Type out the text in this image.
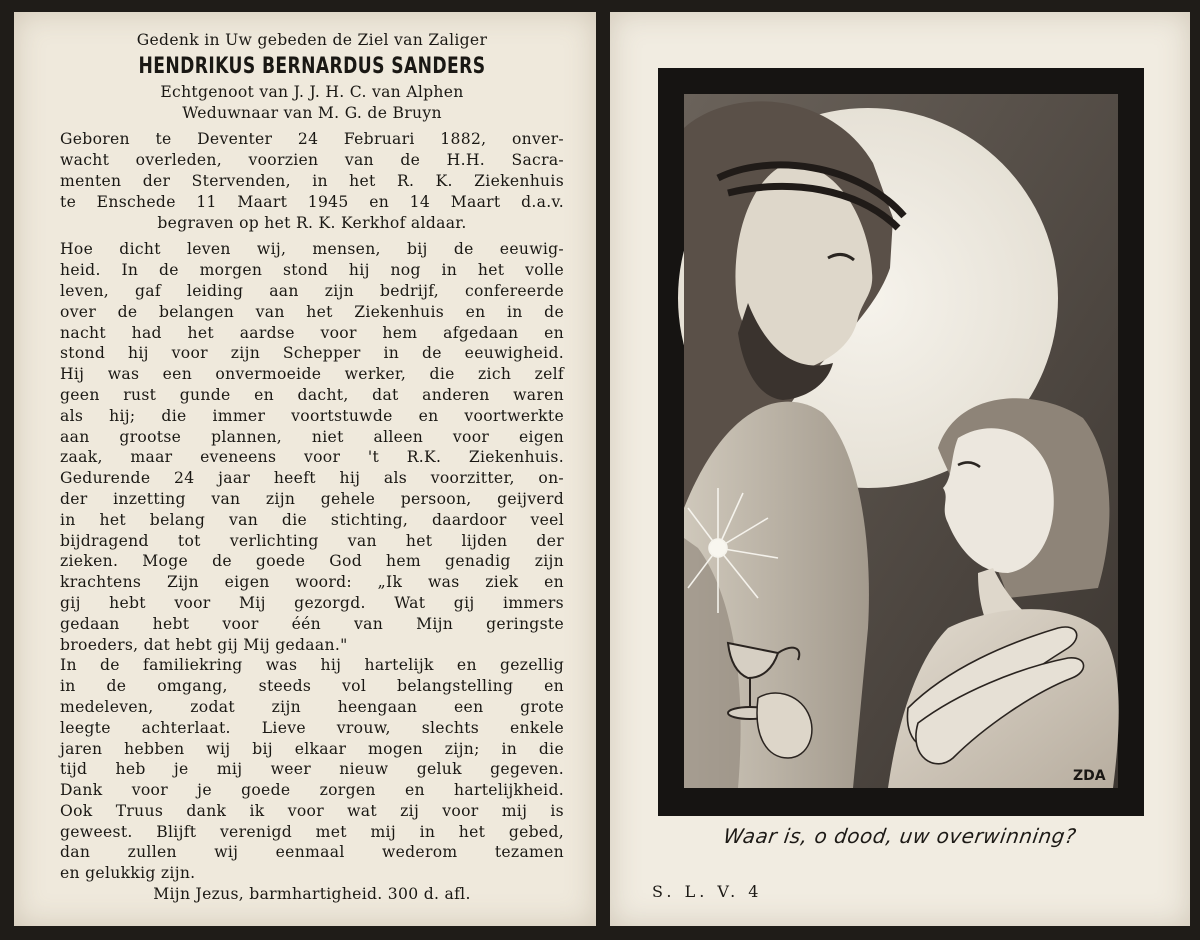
Gedenk in Uw gebeden de Ziel van Zaliger
HENDRIKUS BERNARDUS SANDERS
Echtgenoot van J. J. H. C. van Alphen
Weduwnaar van M. G. de Bruyn
Geboren te Deventer 24 Februari 1882, onver-
wacht overleden, voorzien van de H.H. Sacra-
menten der Stervenden, in het R. K. Ziekenhuis
te Enschede 11 Maart 1945 en 14 Maart d.a.v.
begraven op het R. K. Kerkhof aldaar.
Hoe dicht leven wij, mensen, bij de eeuwig-
heid. In de morgen stond hij nog in het volle
leven, gaf leiding aan zijn bedrijf, confereerde
over de belangen van het Ziekenhuis en in de
nacht had het aardse voor hem afgedaan en
stond hij voor zijn Schepper in de eeuwigheid.
Hij was een onvermoeide werker, die zich zelf
geen rust gunde en dacht, dat anderen waren
als hij; die immer voortstuwde en voortwerkte
aan grootse plannen, niet alleen voor eigen
zaak, maar eveneens voor 't R.K. Ziekenhuis.
Gedurende 24 jaar heeft hij als voorzitter, on-
der inzetting van zijn gehele persoon, geijverd
in het belang van die stichting, daardoor veel
bijdragend tot verlichting van het lijden der
zieken. Moge de goede God hem genadig zijn
krachtens Zijn eigen woord: „Ik was ziek en
gij hebt voor Mij gezorgd. Wat gij immers
gedaan hebt voor één van Mijn geringste
broeders, dat hebt gij Mij gedaan."
In de familiekring was hij hartelijk en gezellig
in de omgang, steeds vol belangstelling en
medeleven, zodat zijn heengaan een grote
leegte achterlaat. Lieve vrouw, slechts enkele
jaren hebben wij bij elkaar mogen zijn; in die
tijd heb je mij weer nieuw geluk gegeven.
Dank voor je goede zorgen en hartelijkheid.
Ook Truus dank ik voor wat zij voor mij is
geweest. Blijft verenigd met mij in het gebed,
dan zullen wij eenmaal wederom tezamen
en gelukkig zijn.
Mijn Jezus, barmhartigheid. 300 d. afl.
ZDA
Waar is, o dood, uw overwinning?
S. L. V. 4
